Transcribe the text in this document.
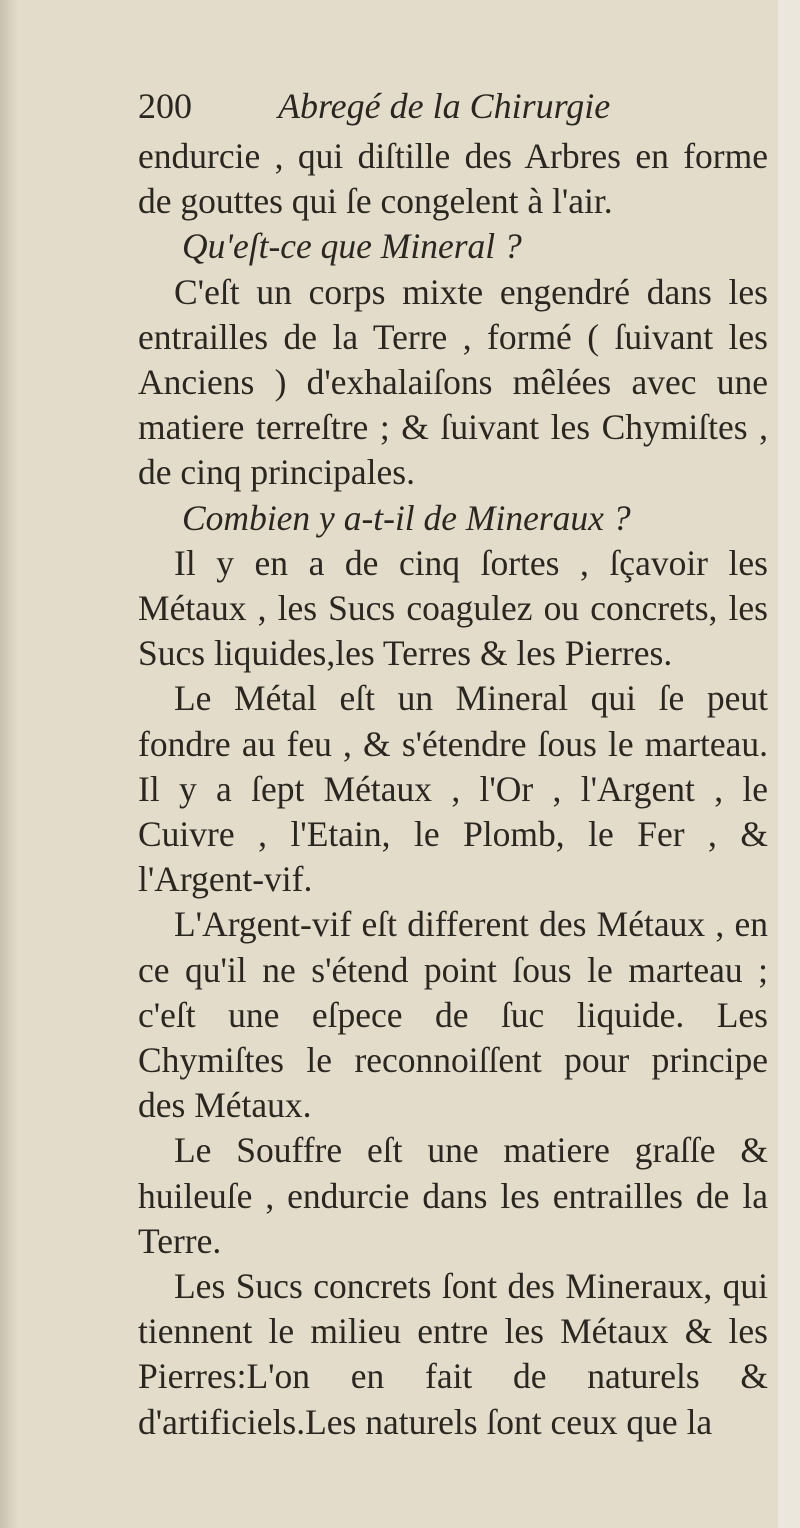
200 Abregé de la Chirurgie

endurcie , qui diſtille des Arbres en forme de gouttes qui ſe congelent à l'air.

Qu'eſt-ce que Mineral ?

C'eſt un corps mixte engendré dans les entrailles de la Terre , formé ( ſuivant les Anciens ) d'exhalaiſons mêlées avec une matiere terreſtre ; & ſuivant les Chymiſtes , de cinq principales.

Combien y a-t-il de Mineraux ?

Il y en a de cinq ſortes , ſçavoir les Métaux , les Sucs coagulez ou concrets, les Sucs liquides,les Terres & les Pierres.

Le Métal eſt un Mineral qui ſe peut fondre au feu , & s'étendre ſous le marteau. Il y a ſept Métaux , l'Or , l'Argent , le Cuivre , l'Etain, le Plomb, le Fer , & l'Argent-vif.

L'Argent-vif eſt different des Métaux , en ce qu'il ne s'étend point ſous le marteau ; c'eſt une eſpece de ſuc liquide. Les Chymiſtes le reconnoiſſent pour principe des Métaux.

Le Souffre eſt une matiere graſſe & huileuſe , endurcie dans les entrailles de la Terre.

Les Sucs concrets ſont des Mineraux, qui tiennent le milieu entre les Métaux & les Pierres:L'on en fait de naturels & d'artificiels.Les naturels ſont ceux que la
